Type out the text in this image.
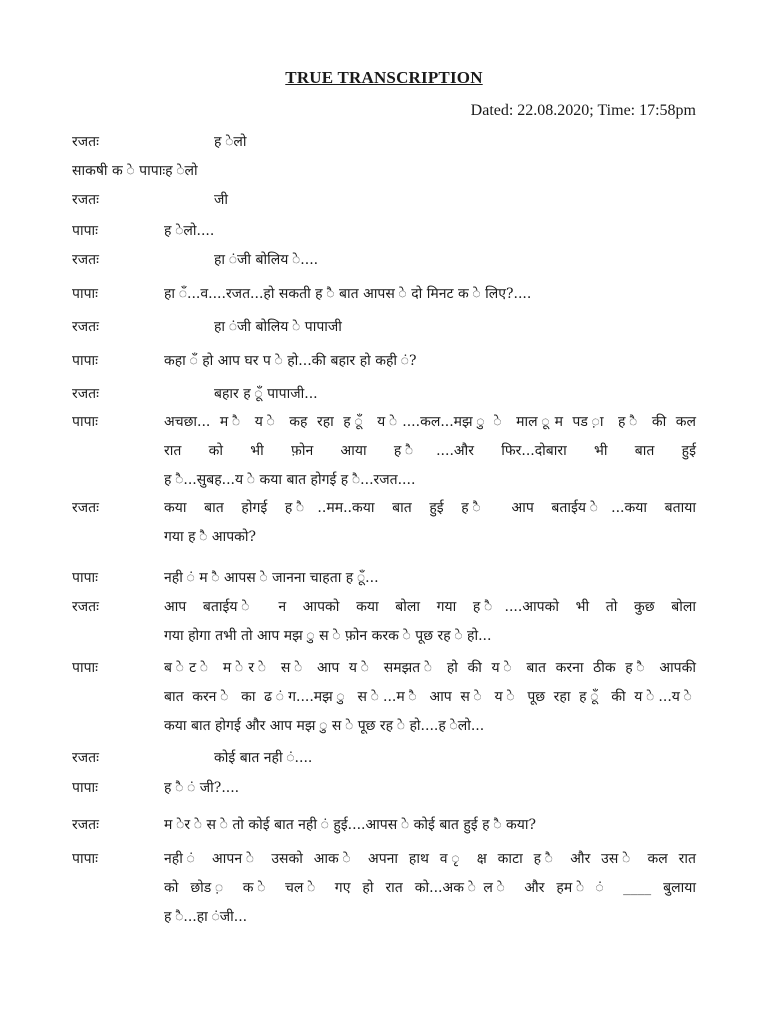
TRUE TRANSCRIPTION
Dated: 22.08.2020; Time: 17:58pm
रजतः	ह ेलो
साकषी क े पापाःह ेलो
रजतः	जी
पापाः	ह ेलो....
रजतः	हा ंजी बोलिय े....
पापाः	हा ँ...व....रजत...हो सकती ह ै बात आपस े दो मिनट क े लिए?....
रजतः	हा ंजी बोलिय े पापाजी
पापाः	कहा ँ हो आप घर प े हो...की बहार हो कही ं?
रजतः	बहार ह ूँ पापाजी...
पापाः	अचछा... म ै य े कह रहा ह ूँ य े....कल...मझ ु े माल ूम पड ़ा ह ै की कल
रात को भी फ़ोन आया ह ै....और फिर...दोबारा भी बात हुई
ह ै...सुबह...य े कया बात होगई ह ै...रजत....
रजतः	कया बात होगई ह ै..मम..कया बात हुई ह ै आप बताईय े...कया बताया
गया ह ै आपको?
पापाः	नही ं म ै आपस े जानना चाहता ह ूँ...
रजतः	आप बताईय े न आपको कया बोला गया ह ै....आपको भी तो कुछ बोला
गया होगा तभी तो आप मझ ु स े फ़ोन करक े पूछ रह े हो...
पापाः	ब ेट े म ेर े स े आप य े समझत े हो की य े बात करना ठीक ह ै आपकी
बात करन े का ढ ंग....मझ ु स े...म ै आप स े य े पूछ रहा ह ूँ की य े...य े
कया बात होगई और आप मझ ु स े पूछ रह े हो....ह ेलो...
रजतः	कोई बात नही ं....
पापाः	ह ै ं जी?....
रजतः	म ेर े स े तो कोई बात नही ं हुई....आपस े कोई बात हुई ह ै कया?
पापाः	नही ं आपन े उसको आक े अपना हाथ व ृ क्ष काटा ह ै और उस े कल रात
को छोड ़ क े चल े गए हो रात को...अक ेल े और हम े ं ____ बुलाया
ह ै...हा ंजी...
